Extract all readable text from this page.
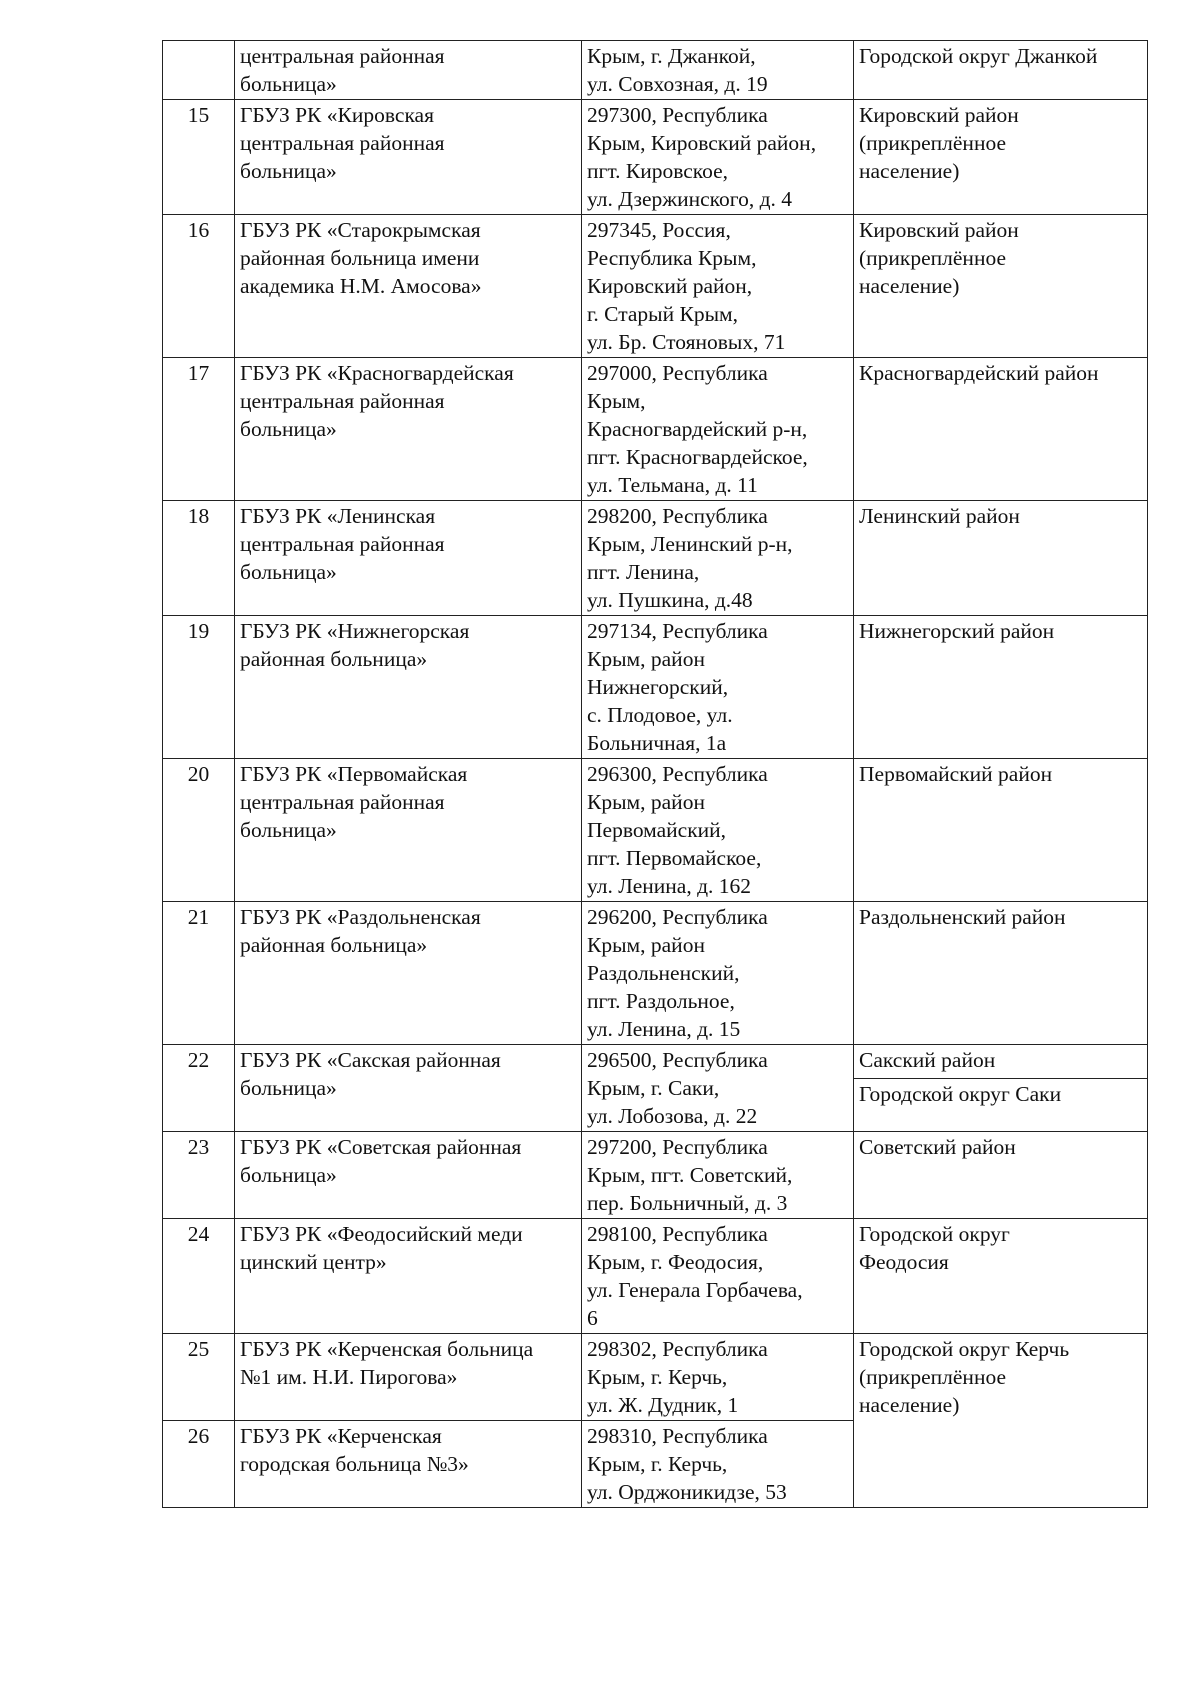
	центральная районная
больница»	Крым, г. Джанкой,
ул. Совхозная, д. 19	Городской округ Джанкой

15	ГБУЗ РК «Кировская
центральная районная
больница»	297300, Республика
Крым, Кировский район,
пгт. Кировское,
ул. Дзержинского, д. 4	Кировский район
(прикреплённое
население)

16	ГБУЗ РК «Старокрымская
районная больница имени
академика Н.М. Амосова»	297345, Россия,
Республика Крым,
Кировский район,
г. Старый Крым,
ул. Бр. Стояновых, 71	Кировский район
(прикреплённое
население)

17	ГБУЗ РК «Красногвардейская
центральная районная
больница»	297000, Республика
Крым,
Красногвардейский р-н,
пгт. Красногвардейское,
ул. Тельмана, д. 11	Красногвардейский район

18	ГБУЗ РК «Ленинская
центральная районная
больница»	298200, Республика
Крым, Ленинский р-н,
пгт. Ленина,
ул. Пушкина, д.48	Ленинский район

19	ГБУЗ РК «Нижнегорская
районная больница»	297134, Республика
Крым, район
Нижнегорский,
с. Плодовое, ул.
Больничная, 1а	Нижнегорский район

20	ГБУЗ РК «Первомайская
центральная районная
больница»	296300, Республика
Крым, район
Первомайский,
пгт. Первомайское,
ул. Ленина, д. 162	Первомайский район

21	ГБУЗ РК «Раздольненская
районная больница»	296200, Республика
Крым, район
Раздольненский,
пгт. Раздольное,
ул. Ленина, д. 15	Раздольненский район

22	ГБУЗ РК «Сакская районная
больница»	296500, Республика
Крым, г. Саки,
ул. Лобозова, д. 22	Сакский район

			Городской округ Саки

23	ГБУЗ РК «Советская районная
больница»	297200, Республика
Крым, пгт. Советский,
пер. Больничный, д. 3	Советский район

24	ГБУЗ РК «Феодосийский меди
цинский центр»	298100, Республика
Крым, г. Феодосия,
ул. Генерала Горбачева,
6	Городской округ
Феодосия

25	ГБУЗ РК «Керченская больница
№1 им. Н.И. Пирогова»	298302, Республика
Крым, г. Керчь,
ул. Ж. Дудник, 1	Городской округ Керчь
(прикреплённое
население)

26	ГБУЗ РК «Керченская
городская больница №3»	298310, Республика
Крым, г. Керчь,
ул. Орджоникидзе, 53	
